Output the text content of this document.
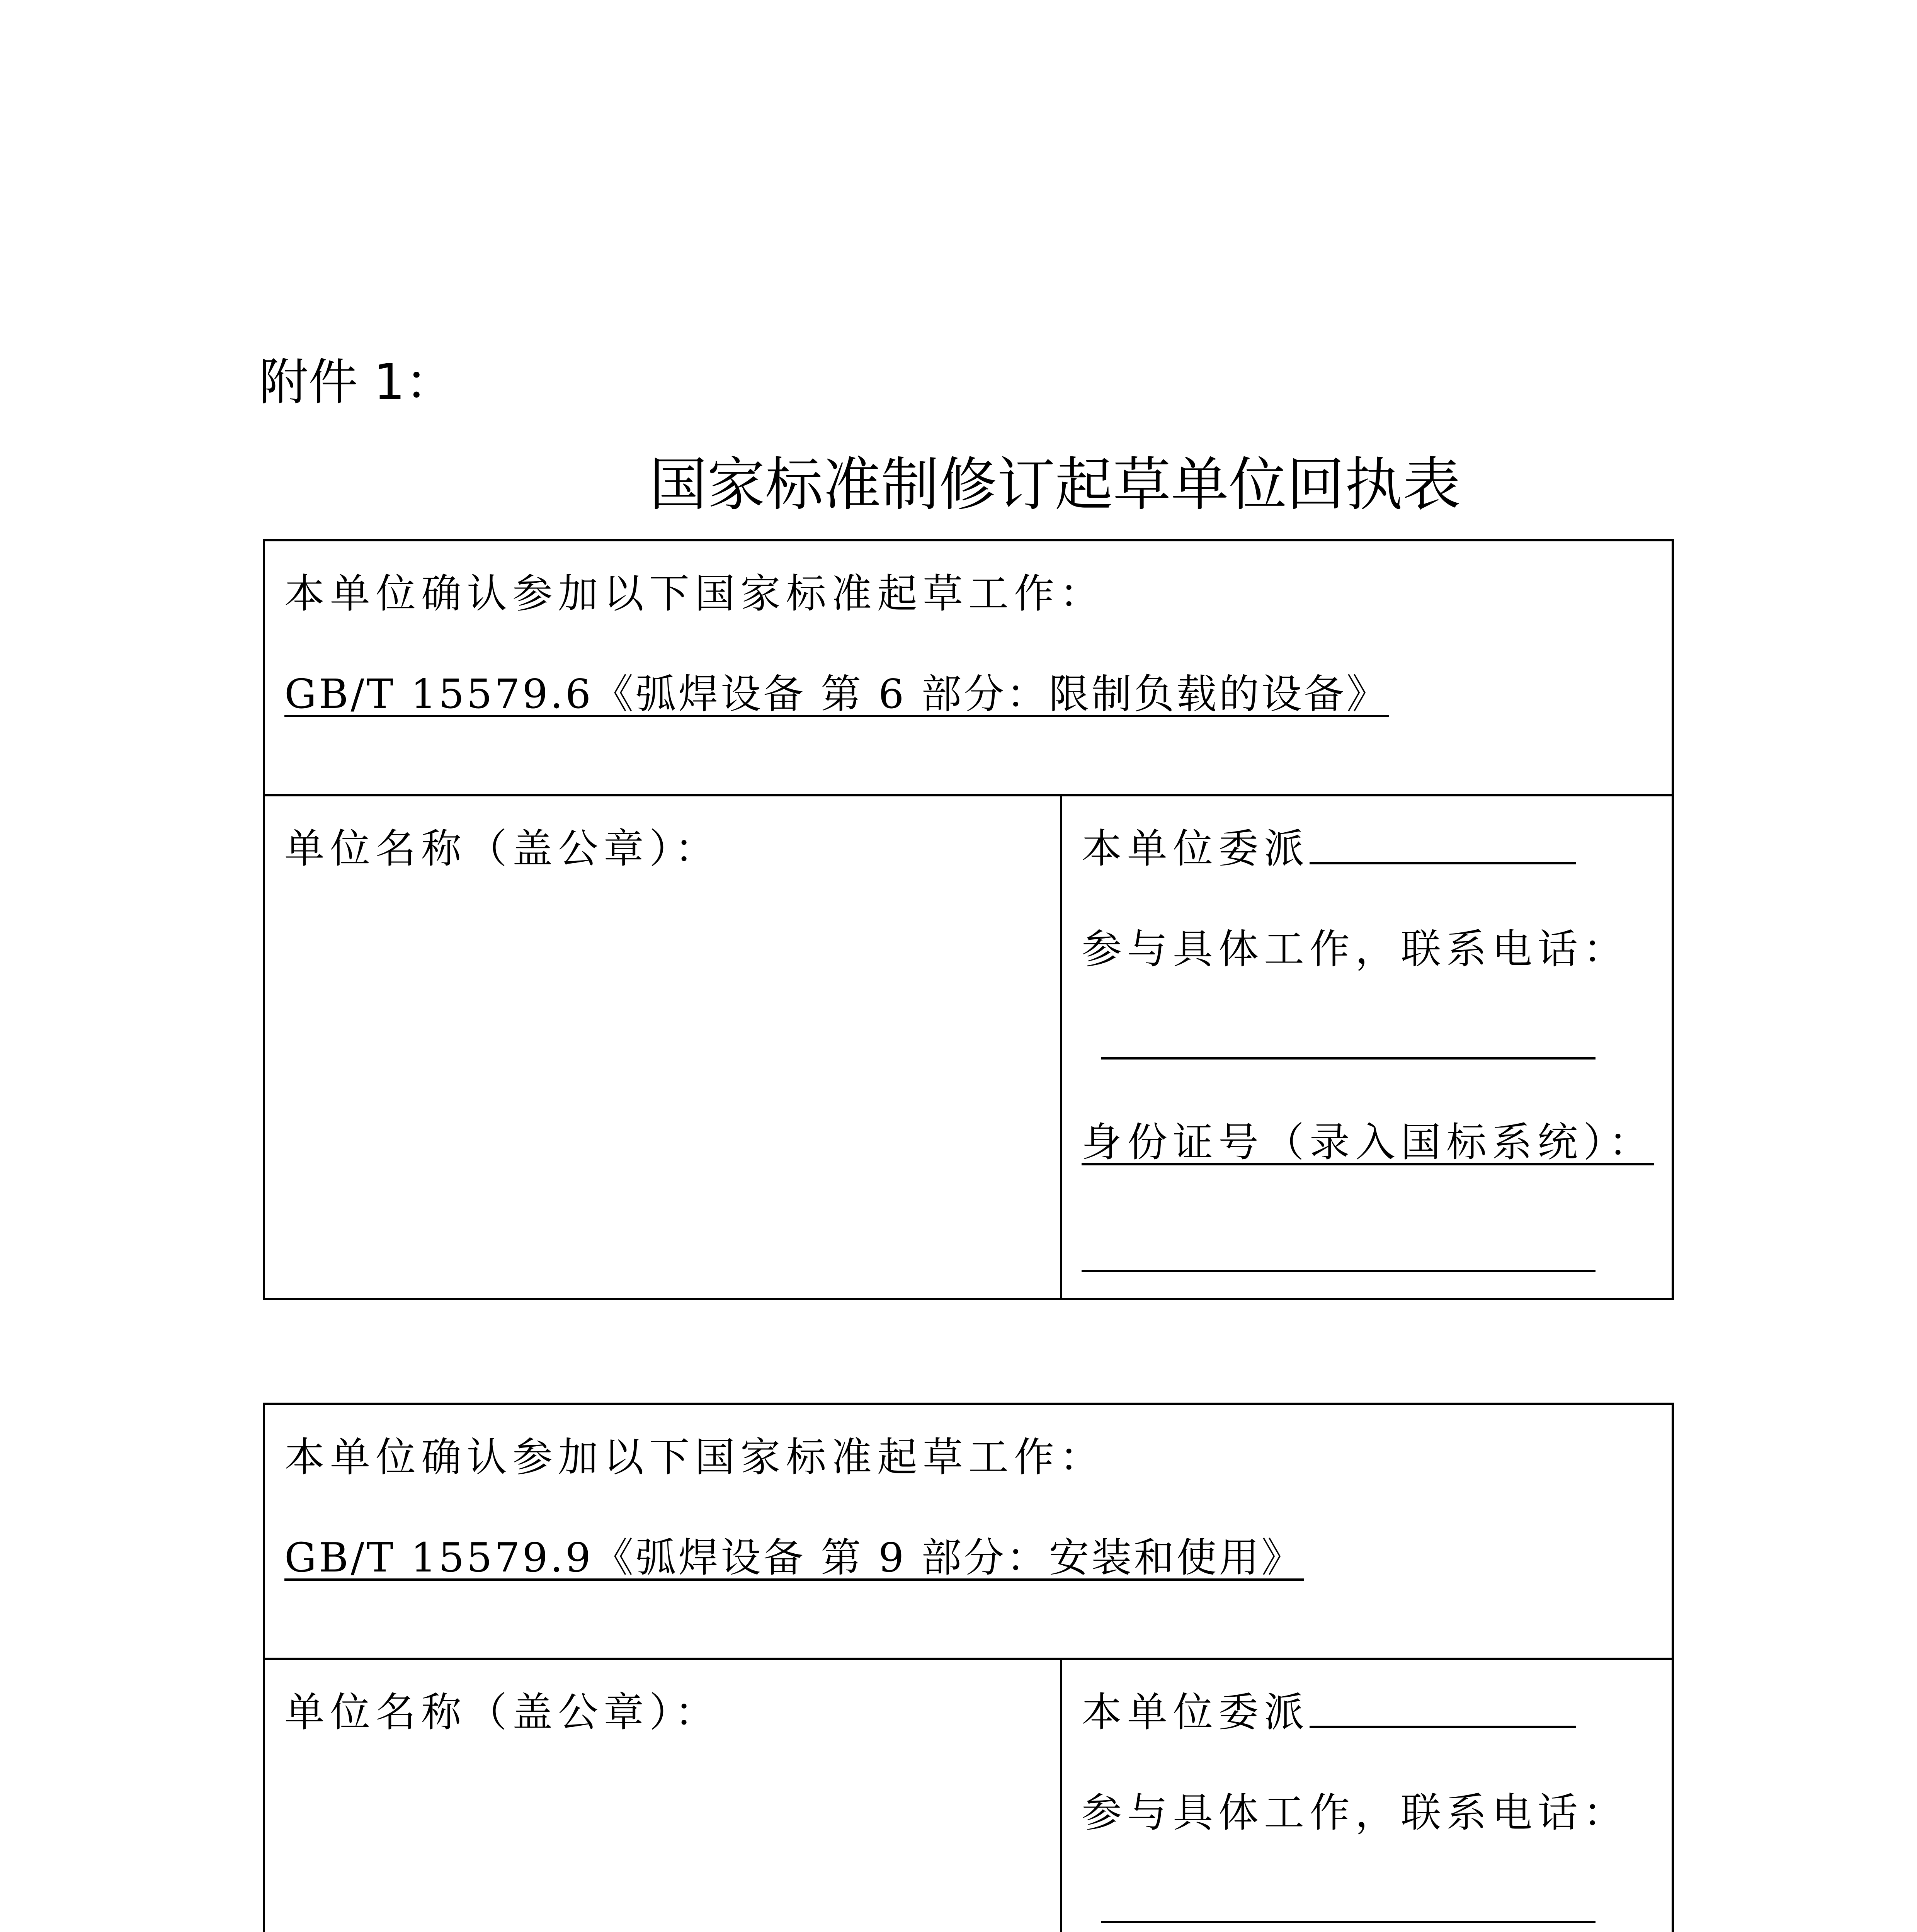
附件 1：
国家标准制修订起草单位回执表
本单位确认参加以下国家标准起草工作：
GB/T 15579.6《弧焊设备 第 6 部分：限制负载的设备》
单位名称（盖公章）：	本单位委派
参与具体工作，联系电话：
身份证号（录入国标系统）：
本单位确认参加以下国家标准起草工作：
GB/T 15579.9《弧焊设备 第 9 部分：安装和使用》
单位名称（盖公章）：	本单位委派
参与具体工作，联系电话：
